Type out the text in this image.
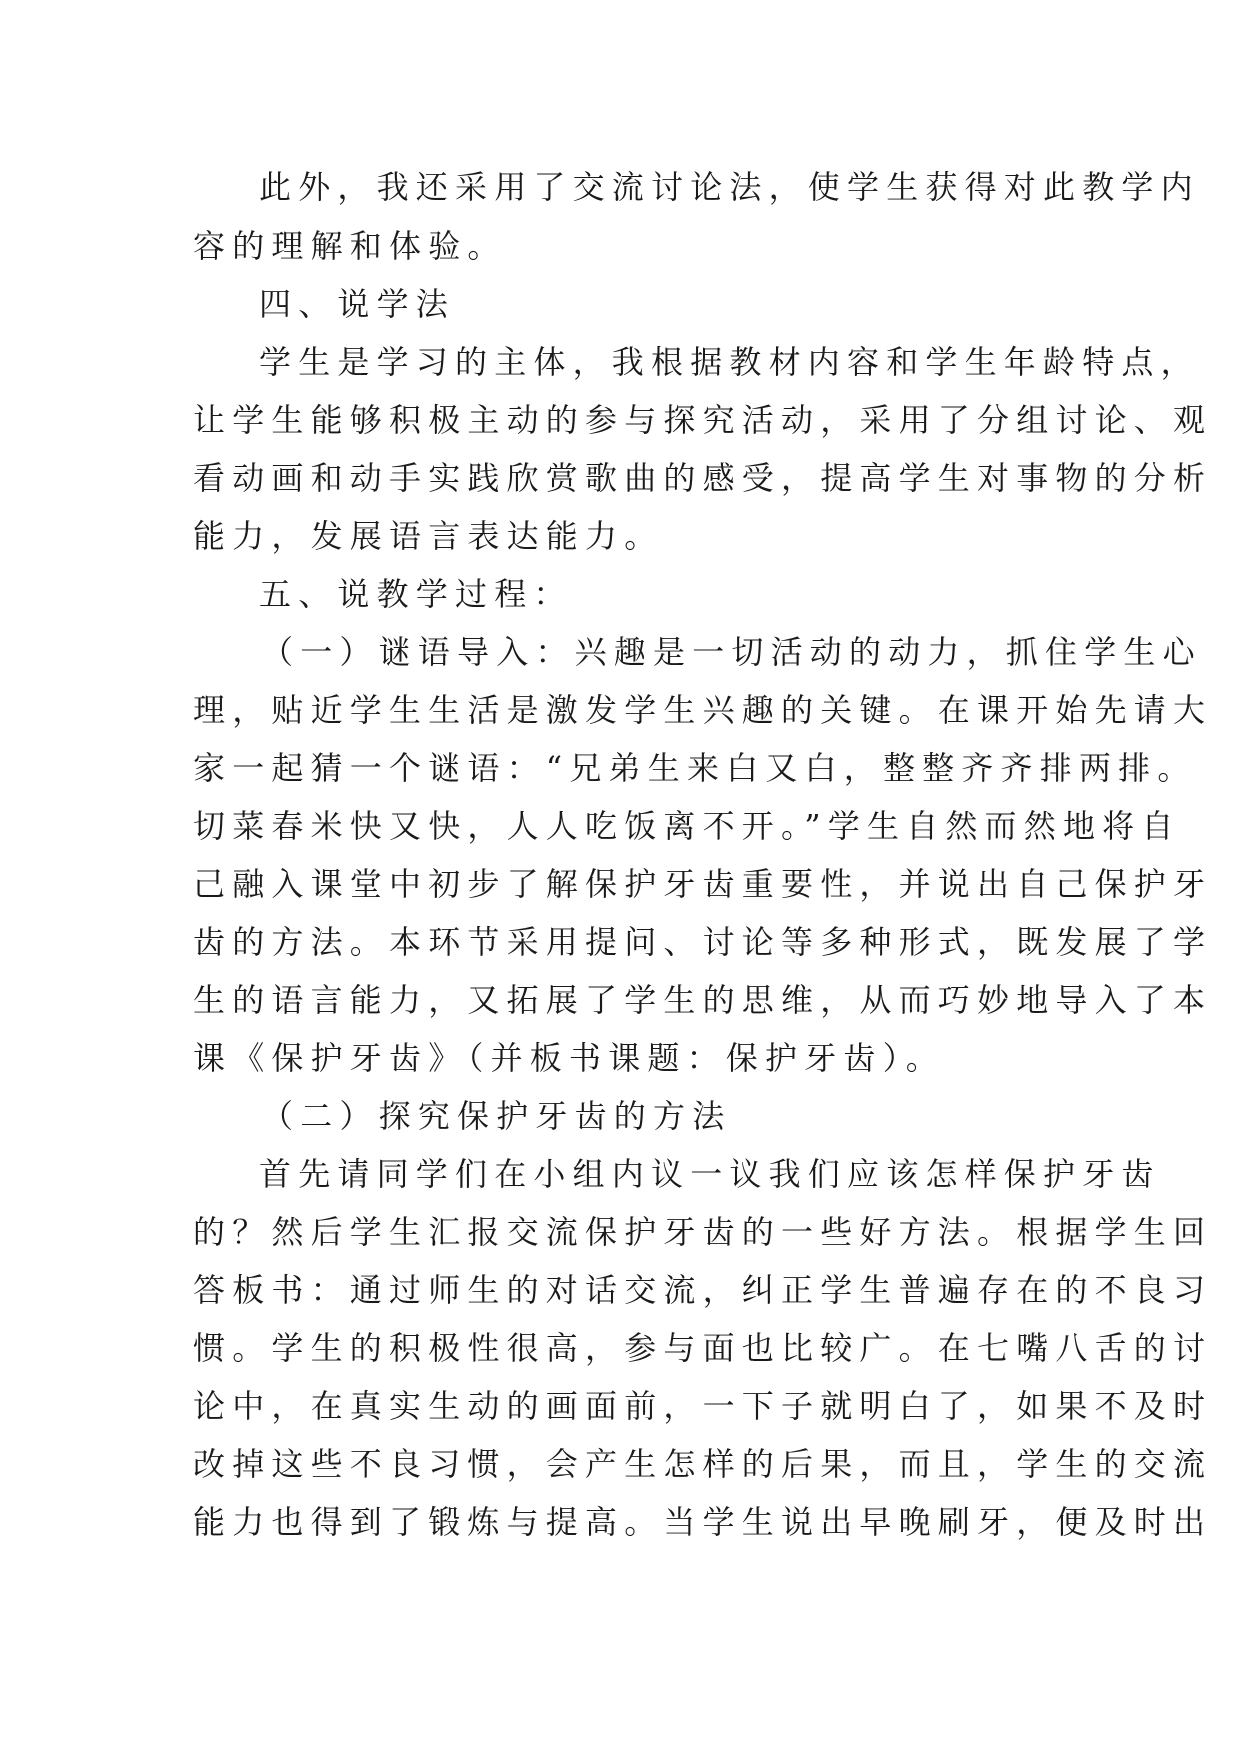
此外，我还采用了交流讨论法，使学生获得对此教学内
容的理解和体验。
四、说学法
学生是学习的主体，我根据教材内容和学生年龄特点，
让学生能够积极主动的参与探究活动，采用了分组讨论、观
看动画和动手实践欣赏歌曲的感受，提高学生对事物的分析
能力，发展语言表达能力。
五、说教学过程：
（一）谜语导入：兴趣是一切活动的动力，抓住学生心
理，贴近学生生活是激发学生兴趣的关键。在课开始先请大
家一起猜一个谜语：“兄弟生来白又白，整整齐齐排两排。
切菜春米快又快，人人吃饭离不开。”学生自然而然地将自
己融入课堂中初步了解保护牙齿重要性，并说出自己保护牙
齿的方法。本环节采用提问、讨论等多种形式，既发展了学
生的语言能力，又拓展了学生的思维，从而巧妙地导入了本
课《保护牙齿》（并板书课题：保护牙齿）。
（二）探究保护牙齿的方法
首先请同学们在小组内议一议我们应该怎样保护牙齿
的？然后学生汇报交流保护牙齿的一些好方法。根据学生回
答板书：通过师生的对话交流，纠正学生普遍存在的不良习
惯。学生的积极性很高，参与面也比较广。在七嘴八舌的讨
论中，在真实生动的画面前，一下子就明白了，如果不及时
改掉这些不良习惯，会产生怎样的后果，而且，学生的交流
能力也得到了锻炼与提高。当学生说出早晚刷牙，便及时出
